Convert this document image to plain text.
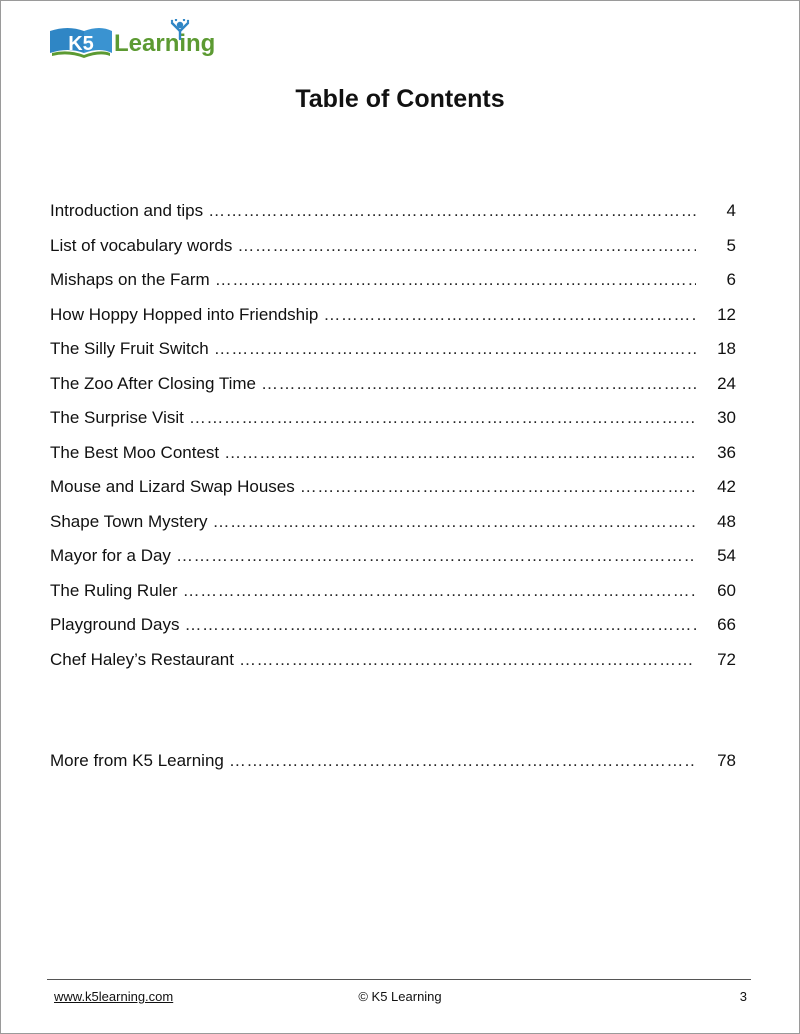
K5 Learning
Table of Contents
Introduction and tips ……………………………………………………………………………………………………………………………………………	4
List of vocabulary words ……………………………………………………………………………………………………………………………………………	5
Mishaps on the Farm ……………………………………………………………………………………………………………………………………………	6
How Hoppy Hopped into Friendship ……………………………………………………………………………………………………………………………………………	12
The Silly Fruit Switch ……………………………………………………………………………………………………………………………………………	18
The Zoo After Closing Time ……………………………………………………………………………………………………………………………………………	24
The Surprise Visit ……………………………………………………………………………………………………………………………………………	30
The Best Moo Contest ……………………………………………………………………………………………………………………………………………	36
Mouse and Lizard Swap Houses ……………………………………………………………………………………………………………………………………………	42
Shape Town Mystery ……………………………………………………………………………………………………………………………………………	48
Mayor for a Day ……………………………………………………………………………………………………………………………………………	54
The Ruling Ruler ……………………………………………………………………………………………………………………………………………	60
Playground Days ……………………………………………………………………………………………………………………………………………	66
Chef Haley’s Restaurant ……………………………………………………………………………………………………………………………………………	72
More from K5 Learning ……………………………………………………………………………………………………………………………………………	78
www.k5learning.com	© K5 Learning	3
